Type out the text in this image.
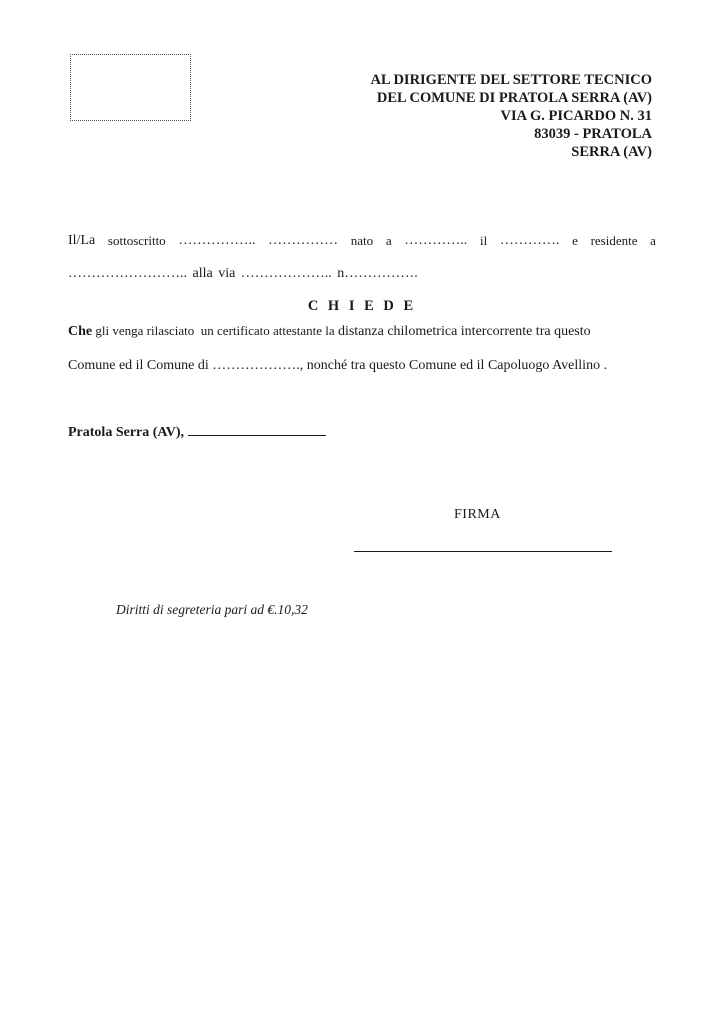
AL DIRIGENTE DEL SETTORE TECNICO
DEL COMUNE DI PRATOLA SERRA (AV)
VIA G. PICARDO N. 31
83039 - PRATOLA
SERRA (AV)
Il/La sottoscritto …………….. …………… nato a ………….. il …………. e residente a
…………………….. alla via ……………….. n…………….
C H I E D E
Che gli venga rilasciato  un certificato attestante la distanza chilometrica intercorrente tra questo
Comune ed il Comune di ………………., nonché tra questo Comune ed il Capoluogo Avellino .
Pratola Serra (AV),
FIRMA
Diritti di segreteria pari ad €.10,32
